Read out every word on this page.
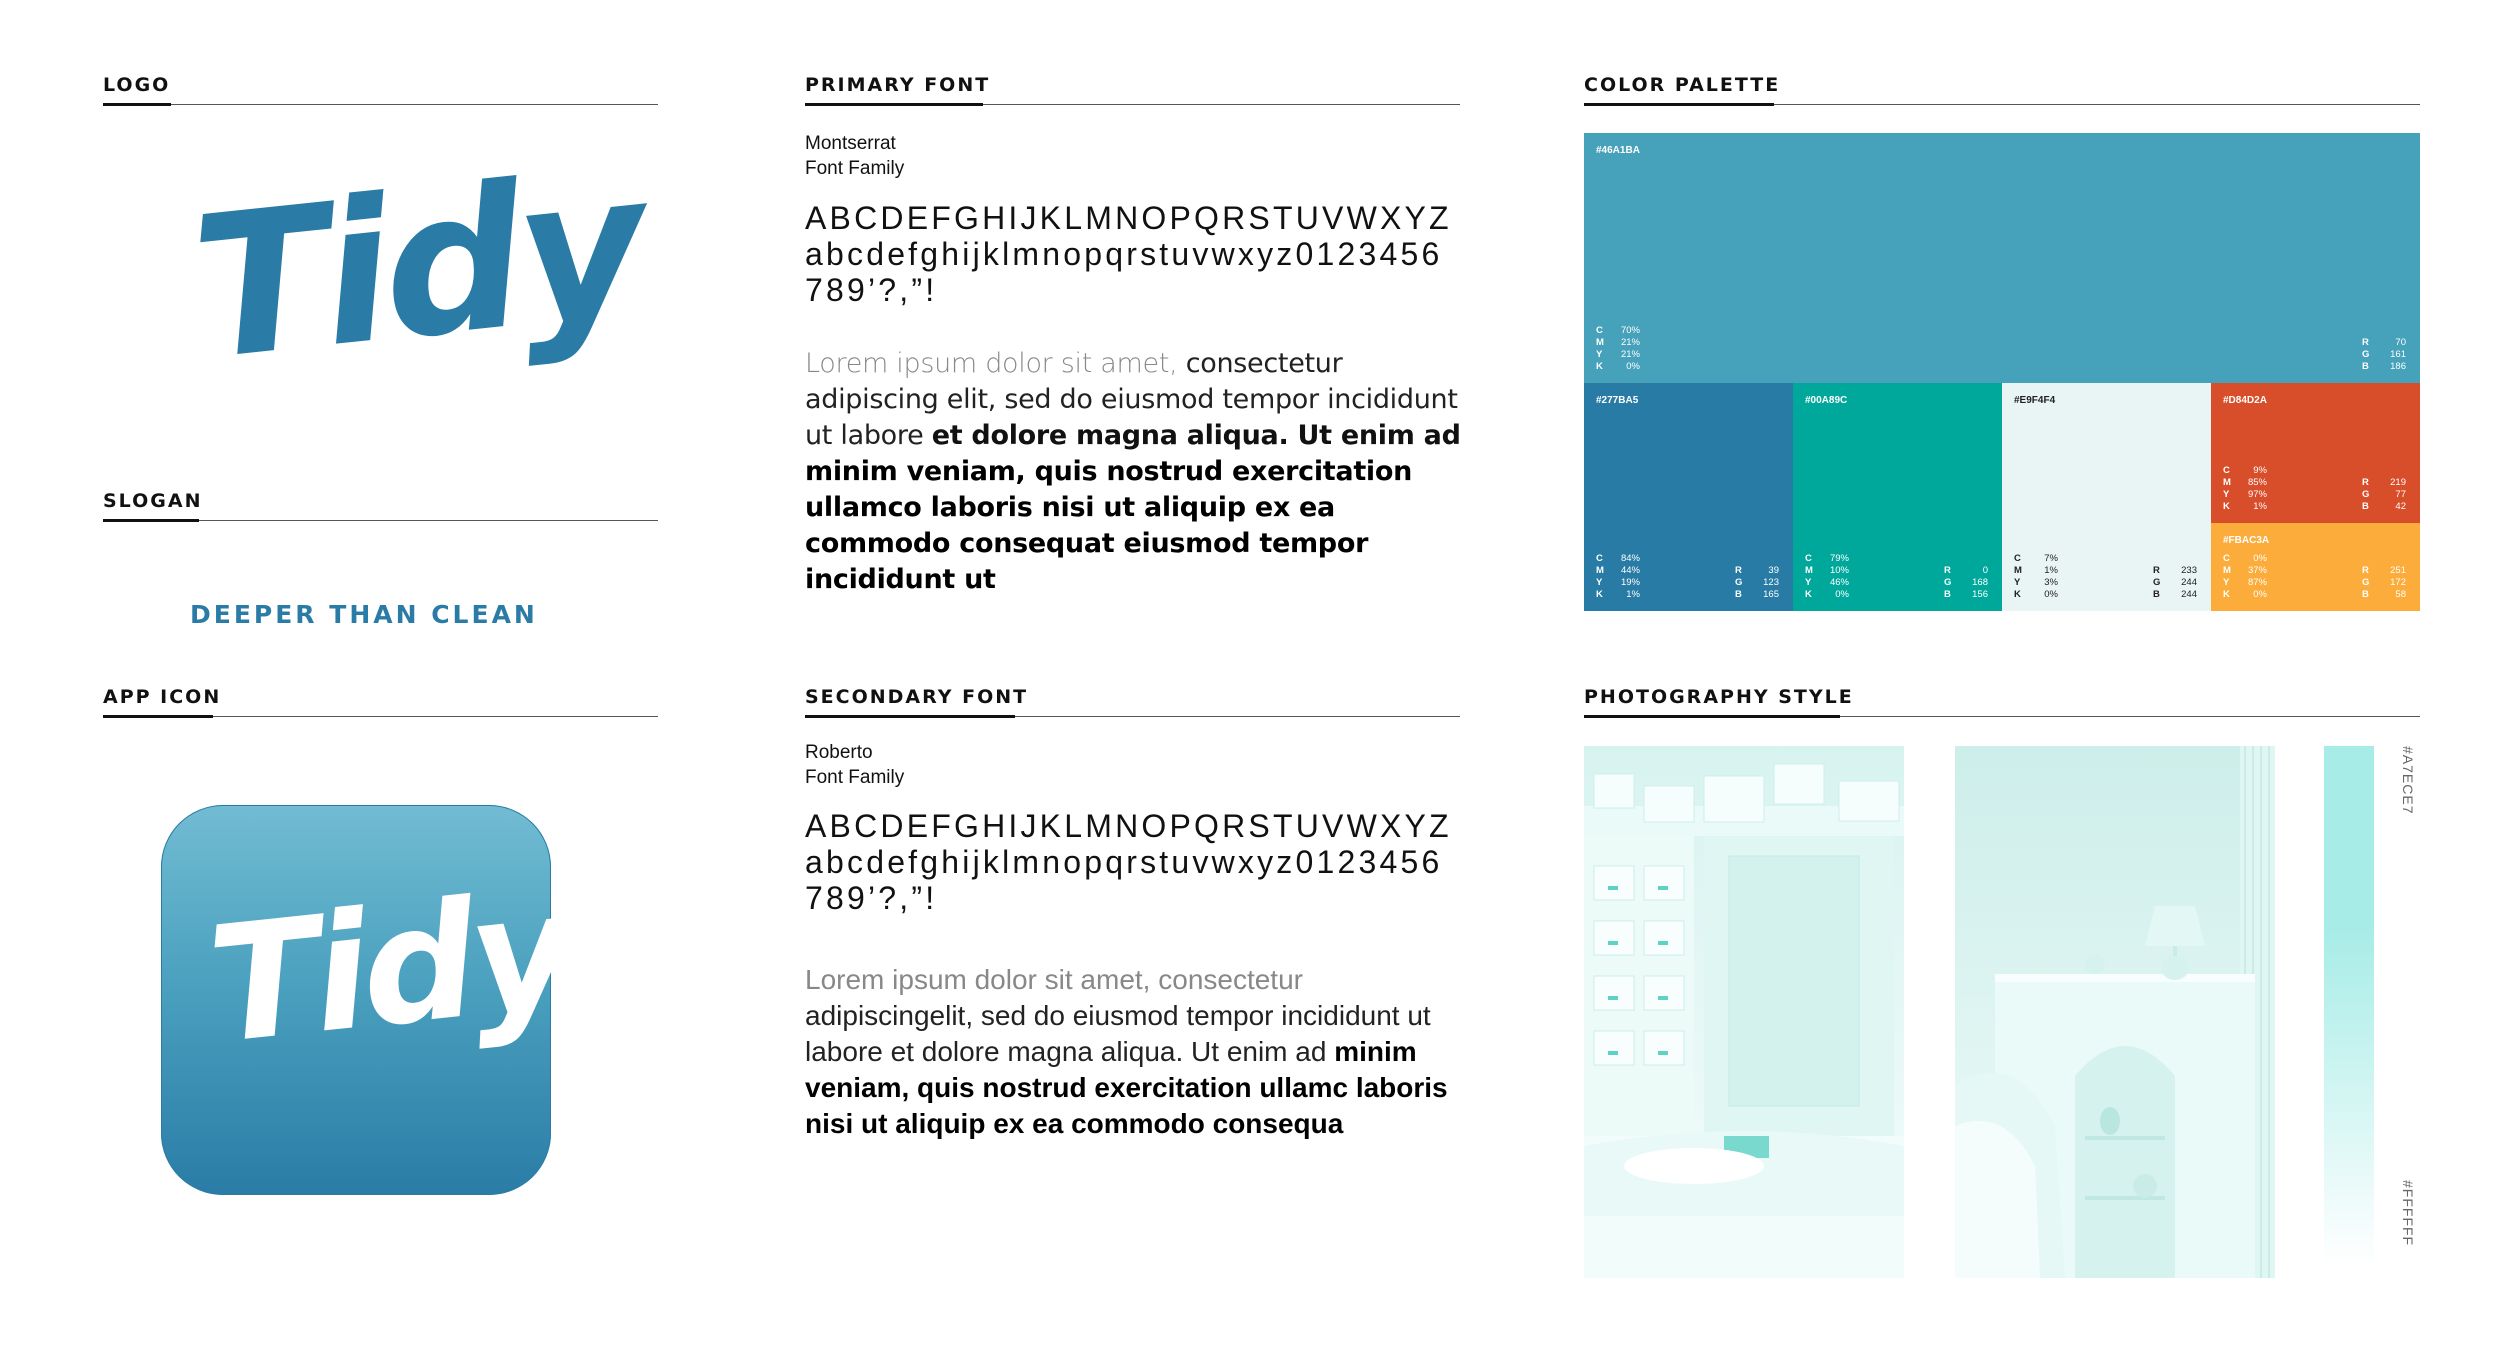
LOGO
Tidy
SLOGAN
DEEPER THAN CLEAN
APP ICON
Tidy
PRIMARY FONT
Montserrat
Font Family
ABCDEFGHIJKLMNOPQRSTUVWXYZabcdefghijklmnopqrstuvwxyz0123456789’?,”!
Lorem ipsum dolor sit amet, consectetur adipiscing elit, sed do eiusmod tempor incididunt ut labore et dolore magna aliqua. Ut enim ad minim veniam, quis nostrud exercitation ullamco laboris nisi ut aliquip ex ea commodo consequat eiusmod tempor incididunt ut
SECONDARY FONT
Roberto
Font Family
ABCDEFGHIJKLMNOPQRSTUVWXYZabcdefghijklmnopqrstuvwxyz0123456789’?,”!
Lorem ipsum dolor sit amet, consectetur adipiscingelit, sed do eiusmod tempor incididunt ut labore et dolore magna aliqua. Ut enim ad minim veniam, quis nostrud exercitation ullamc laboris nisi ut aliquip ex ea commodo consequa
COLOR PALETTE
#46A1BA
C	70%
M	21%
Y	21%
K	0%
R	70
G	161
B	186
#277BA5
C	84%
M	44%
Y	19%
K	1%
R	39
G	123
B	165
#00A89C
C	79%
M	10%
Y	46%
K	0%
R	0
G	168
B	156
#E9F4F4
C	7%
M	1%
Y	3%
K	0%
R	233
G	244
B	244
#D84D2A
C	9%
M	85%
Y	97%
K	1%
R	219
G	77
B	42
#FBAC3A
C	0%
M	37%
Y	87%
K	0%
R	251
G	172
B	58
PHOTOGRAPHY STYLE
#A7ECE7
#FFFFFF
